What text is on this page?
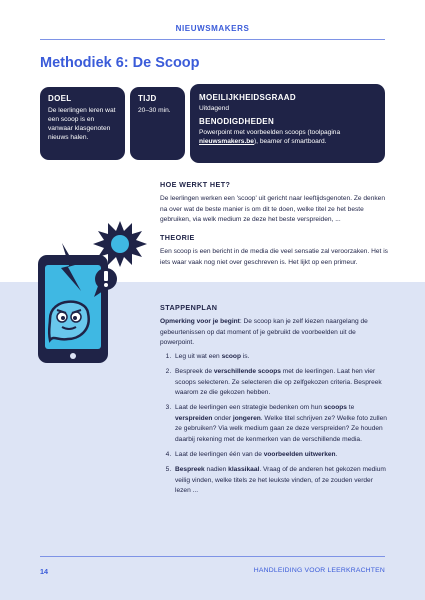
NIEUWSMAKERS
Methodiek 6: De Scoop
DOEL
De leerlingen leren wat een scoop is en vanwaar klasgenoten nieuws halen.
TIJD
20–30 min.
MOEILIJKHEIDSGRAAD
Uitdagend
BENODIGDHEDEN
Powerpoint met voorbeelden scoops (toolpagina nieuwsmakers.be), beamer of smartboard.
HOE WERKT HET?

De leerlingen werken een 'scoop' uit gericht naar leeftijdsgenoten. Ze denken na over wat de beste manier is om dit te doen, welke titel ze het beste gebruiken, via welk medium ze deze het beste verspreiden, ...

THEORIE

Een scoop is een bericht in de media die veel sensatie zal veroorzaken. Het is iets waar vaak nog niet over geschreven is. Het lijkt op een primeur.

STAPPENPLAN

Opmerking voor je begint: De scoop kan je zelf kiezen naargelang de gebeurtenissen op dat moment of je gebruikt de voorbeelden uit de powerpoint.

1. Leg uit wat een scoop is.
2. Bespreek de verschillende scoops met de leerlingen. Laat hen vier scoops selecteren. Ze selecteren die op zelfgekozen criteria. Bespreek waarom ze die gekozen hebben.
3. Laat de leerlingen een strategie bedenken om hun scoops te verspreiden onder jongeren. Welke titel schrijven ze? Welke foto zullen ze gebruiken? Via welk medium gaan ze deze verspreiden? Ze houden daarbij rekening met de kenmerken van de verschillende media.
4. Laat de leerlingen één van de voorbeelden uitwerken.
5. Bespreek nadien klassikaal. Vraag of de anderen het gekozen medium veilig vinden, welke titels ze het leukste vinden, of ze zouden verder lezen ...
14	HANDLEIDING VOOR LEERKRACHTEN
